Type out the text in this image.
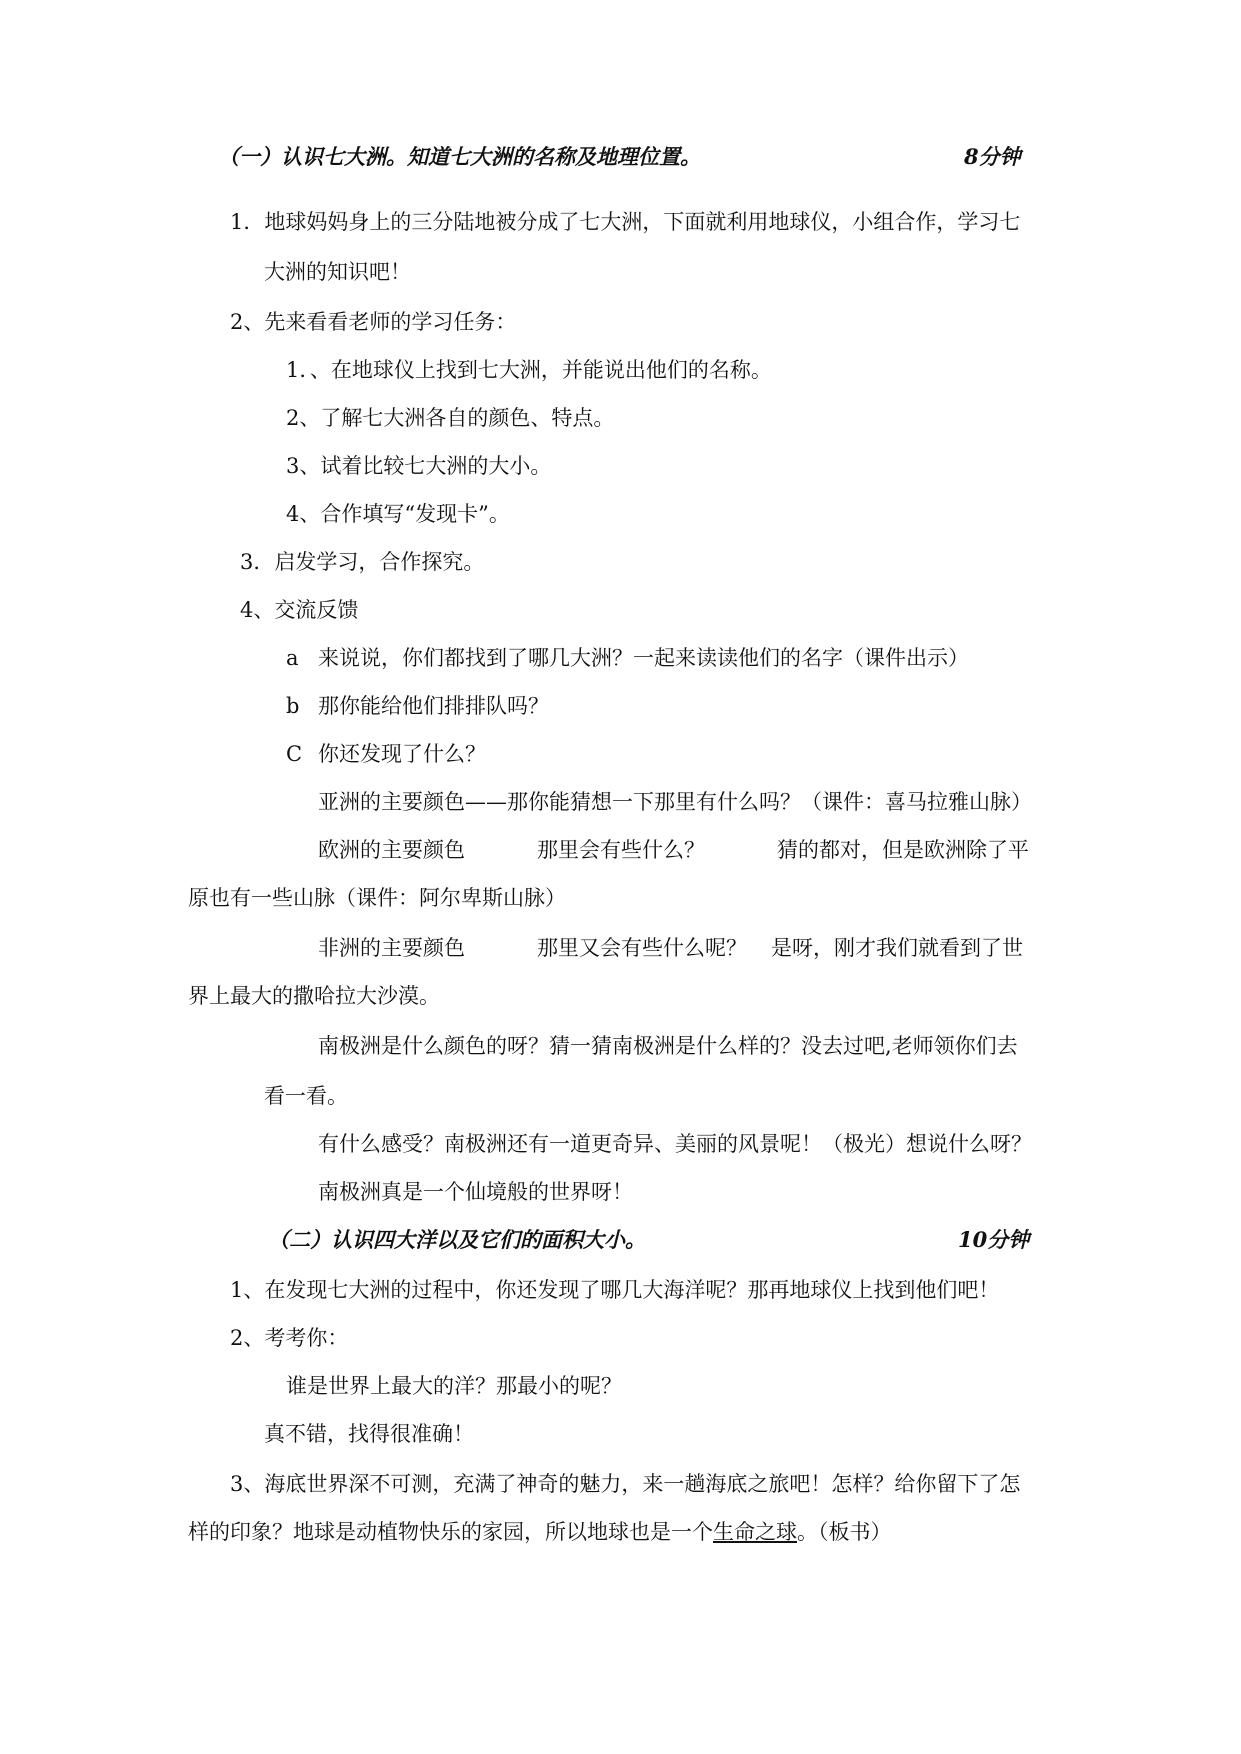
（一）认识七大洲。知道七大洲的名称及地理位置。	8分钟
1．地球妈妈身上的三分陆地被分成了七大洲，下面就利用地球仪，小组合作，学习七
大洲的知识吧！
2、先来看看老师的学习任务：
1．、在地球仪上找到七大洲，并能说出他们的名称。
2、了解七大洲各自的颜色、特点。
3、试着比较七大洲的大小。
4、合作填写“发现卡”。
3．启发学习，合作探究。
4、交流反馈
a 来说说，你们都找到了哪几大洲？一起来读读他们的名字（课件出示）
b 那你能给他们排排队吗？
C 你还发现了什么？
亚洲的主要颜色——那你能猜想一下那里有什么吗？（课件：喜马拉雅山脉）
欧洲的主要颜色	那里会有些什么？	猜的都对，但是欧洲除了平
原也有一些山脉（课件：阿尔卑斯山脉）
非洲的主要颜色	那里又会有些什么呢？ 是呀，刚才我们就看到了世
界上最大的撒哈拉大沙漠。
南极洲是什么颜色的呀？猜一猜南极洲是什么样的？没去过吧,老师领你们去
看一看。
有什么感受？南极洲还有一道更奇异、美丽的风景呢！（极光）想说什么呀？
南极洲真是一个仙境般的世界呀！
（二）认识四大洋以及它们的面积大小。	10分钟
1、在发现七大洲的过程中，你还发现了哪几大海洋呢？那再地球仪上找到他们吧！
2、考考你：
谁是世界上最大的洋？那最小的呢？
真不错，找得很准确！
3、海底世界深不可测，充满了神奇的魅力，来一趟海底之旅吧！怎样？给你留下了怎
样的印象？地球是动植物快乐的家园，所以地球也是一个生命之球。（板书）
